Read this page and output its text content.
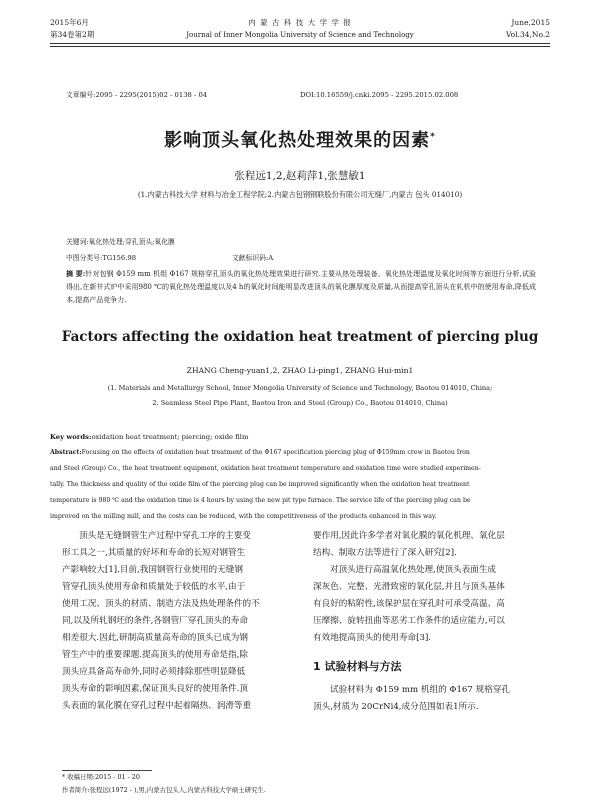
2015年6月
第34卷第2期
内 蒙 古 科 技 大 学 学 报
Journal of Inner Mongolia University of Science and Technology
June,2015
Vol.34,No.2
文章编号:2095 - 2295(2015)02 - 0138 - 04	DOI:10.16559/j.cnki.2095 - 2295.2015.02.008
影响顶头氧化热处理效果的因素*
张程远1,2,赵莉萍1,张慧敏1
(1.内蒙古科技大学 材料与冶金工程学院;2.内蒙古包钢钢联股份有限公司无缝厂,内蒙古 包头 014010)
关键词:氧化热处理;穿孔顶头;氧化膜
中图分类号:TG156.98	文献标识码:A
摘 要:针对包钢 Φ159 mm 机组 Φ167 规格穿孔顶头的氧化热处理效果进行研究.主要从热处理装备、氧化热处理温度及氧化时间等方面进行分析,试验得出,在新井式炉中采用980 ℃的氧化热处理温度以及4 h的氧化时间能明显改进顶头的氧化膜厚度及质量,从而提高穿孔顶头在轧机中的使用寿命,降低成本,提高产品竞争力.
Factors affecting the oxidation heat treatment of piercing plug
ZHANG Cheng-yuan1,2, ZHAO Li-ping1, ZHANG Hui-min1
(1. Materials and Metallurgy School, Inner Mongolia University of Science and Technology, Baotou 014010, China;
2. Seamless Steel Pipe Plant, Baotou Iron and Steel (Group) Co., Baotou 014010, China)
Key words:oxidation heat treatment; piercing; oxide film
Abstract:Focusing on the effects of oxidation heat treatment of the Φ167 specification piercing plug of Φ159mm crew in Baotou Iron
and Steel (Group) Co., the heat treatment equipment, oxidation heat treatment temperature and oxidation time were studied experimen-
tally. The thickness and quality of the oxide film of the piercing plug can be improved significantly when the oxidation heat treatment
temperature is 980 ℃ and the oxidation time is 4 hours by using the new pit type furnace. The service life of the piercing plug can be
improved on the milling mill, and the costs can be reduced, with the competitiveness of the products enhanced in this way.
顶头是无缝钢管生产过程中穿孔工序的主要变
形工具之一,其质量的好坏和寿命的长短对钢管生
产影响较大[1].目前,我国钢管行业使用的无缝钢
管穿孔顶头使用寿命和质量处于较低的水平,由于
使用工况、顶头的材质、制造方法及热处理条件的不
同,以及所轧钢坯的条件,各钢管厂穿孔顶头的寿命
相差很大.因此,研制高质量高寿命的顶头已成为钢
管生产中的重要课题.提高顶头的使用寿命是指,除
顶头应具备高寿命外,同时必须排除那些明显降低
顶头寿命的影响因素,保证顶头良好的使用条件.顶
头表面的氧化膜在穿孔过程中起着隔热、润滑等重
要作用,因此许多学者对氧化膜的氧化机理、氧化层
结构、制取方法等进行了深入研究[2].
对顶头进行高温氧化热处理,使顶头表面生成
深灰色、完整、光滑致密的氧化层,并且与顶头基体
有良好的粘附性,该保护层在穿孔时可承受高温、高
压摩擦、旋转扭曲等恶劣工作条件的适应能力,可以
有效地提高顶头的使用寿命[3].
1 试验材料与方法
试验材料为 Φ159 mm 机组的 Φ167 规格穿孔
顶头,材质为 20CrNi4,成分范围如表1所示.
* 收稿日期:2015 - 01 - 20
作者简介:张程远(1972 - ),男,内蒙古包头人,内蒙古科技大学硕士研究生.
